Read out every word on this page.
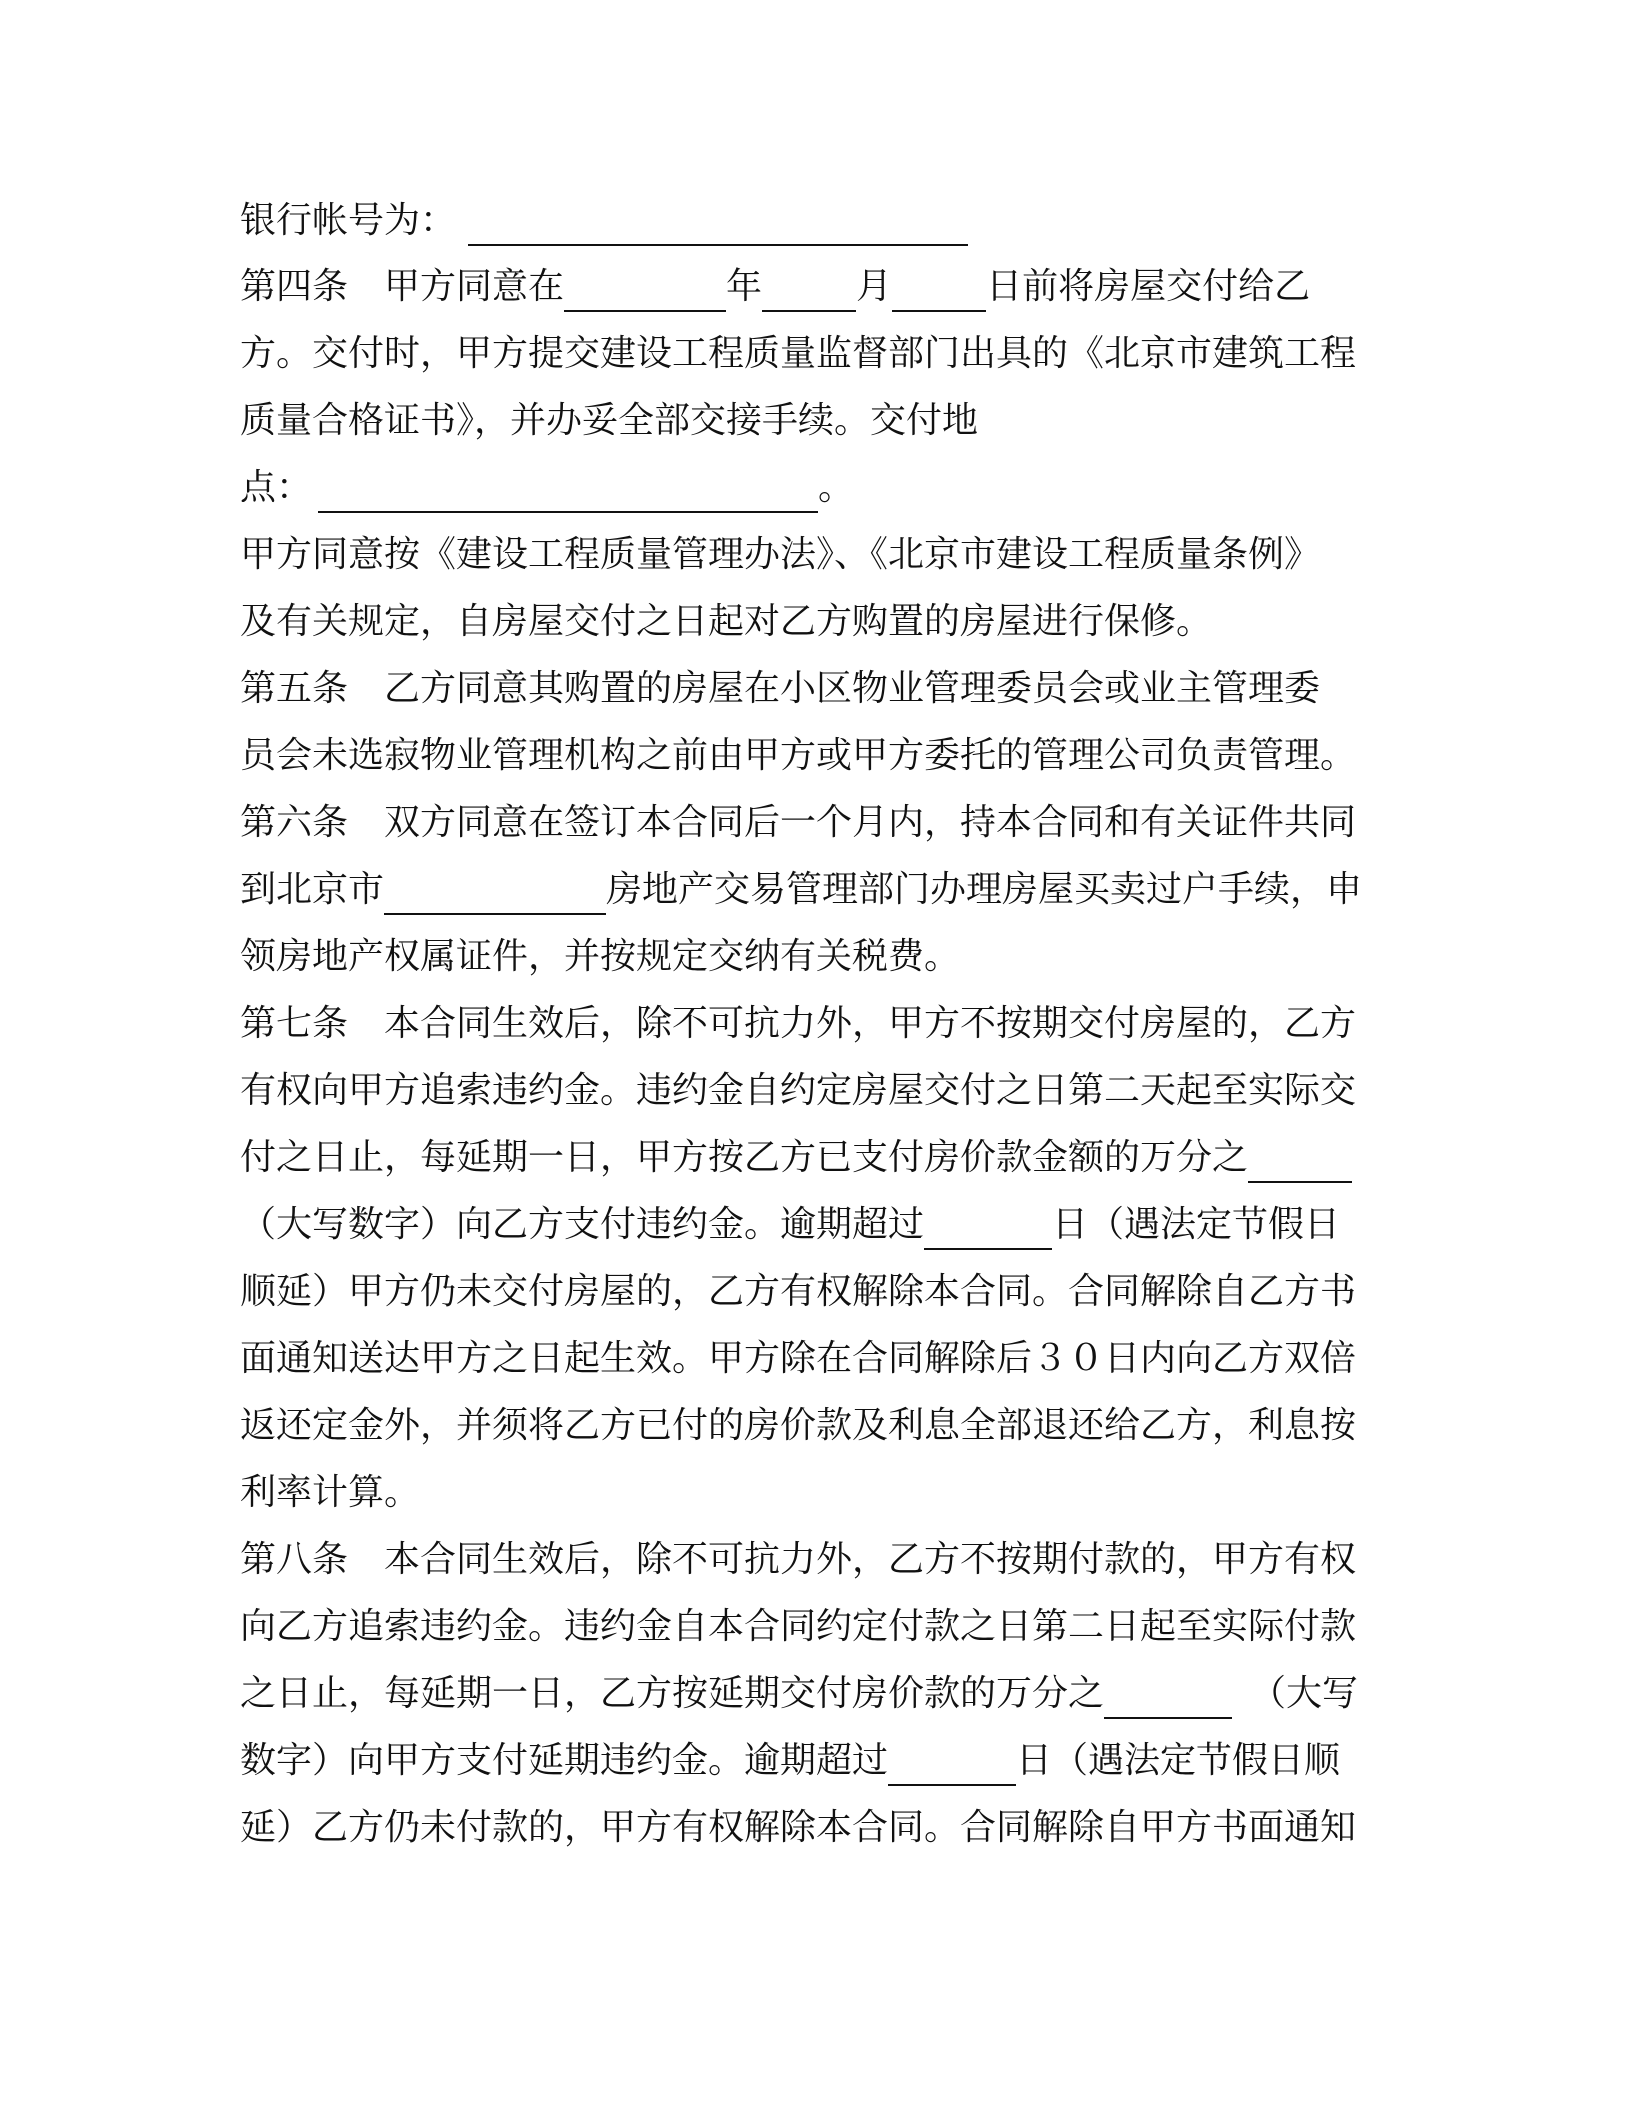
银行帐号为：
第四条 甲方同意在	年	月	日前将房屋交付给乙
方。交付时，甲方提交建设工程质量监督部门出具的《北京市建筑工程
质量合格证书》，并办妥全部交接手续。交付地
点：	。
甲方同意按《建设工程质量管理办法》、《北京市建设工程质量条例》
及有关规定，自房屋交付之日起对乙方购置的房屋进行保修。
第五条 乙方同意其购置的房屋在小区物业管理委员会或业主管理委
员会未选寂物业管理机构之前由甲方或甲方委托的管理公司负责管理。
第六条 双方同意在签订本合同后一个月内，持本合同和有关证件共同
到北京市	房地产交易管理部门办理房屋买卖过户手续，申
领房地产权属证件，并按规定交纳有关税费。
第七条 本合同生效后，除不可抗力外，甲方不按期交付房屋的，乙方
有权向甲方追索违约金。违约金自约定房屋交付之日第二天起至实际交
付之日止，每延期一日，甲方按乙方已支付房价款金额的万分之
（大写数字）向乙方支付违约金。逾期超过	日（遇法定节假日
顺延）甲方仍未交付房屋的，乙方有权解除本合同。合同解除自乙方书
面通知送达甲方之日起生效。甲方除在合同解除后３０日内向乙方双倍
返还定金外，并须将乙方已付的房价款及利息全部退还给乙方，利息按
利率计算。
第八条 本合同生效后，除不可抗力外，乙方不按期付款的，甲方有权
向乙方追索违约金。违约金自本合同约定付款之日第二日起至实际付款
之日止，每延期一日，乙方按延期交付房价款的万分之	（大写
数字）向甲方支付延期违约金。逾期超过	日（遇法定节假日顺
延）乙方仍未付款的，甲方有权解除本合同。合同解除自甲方书面通知
